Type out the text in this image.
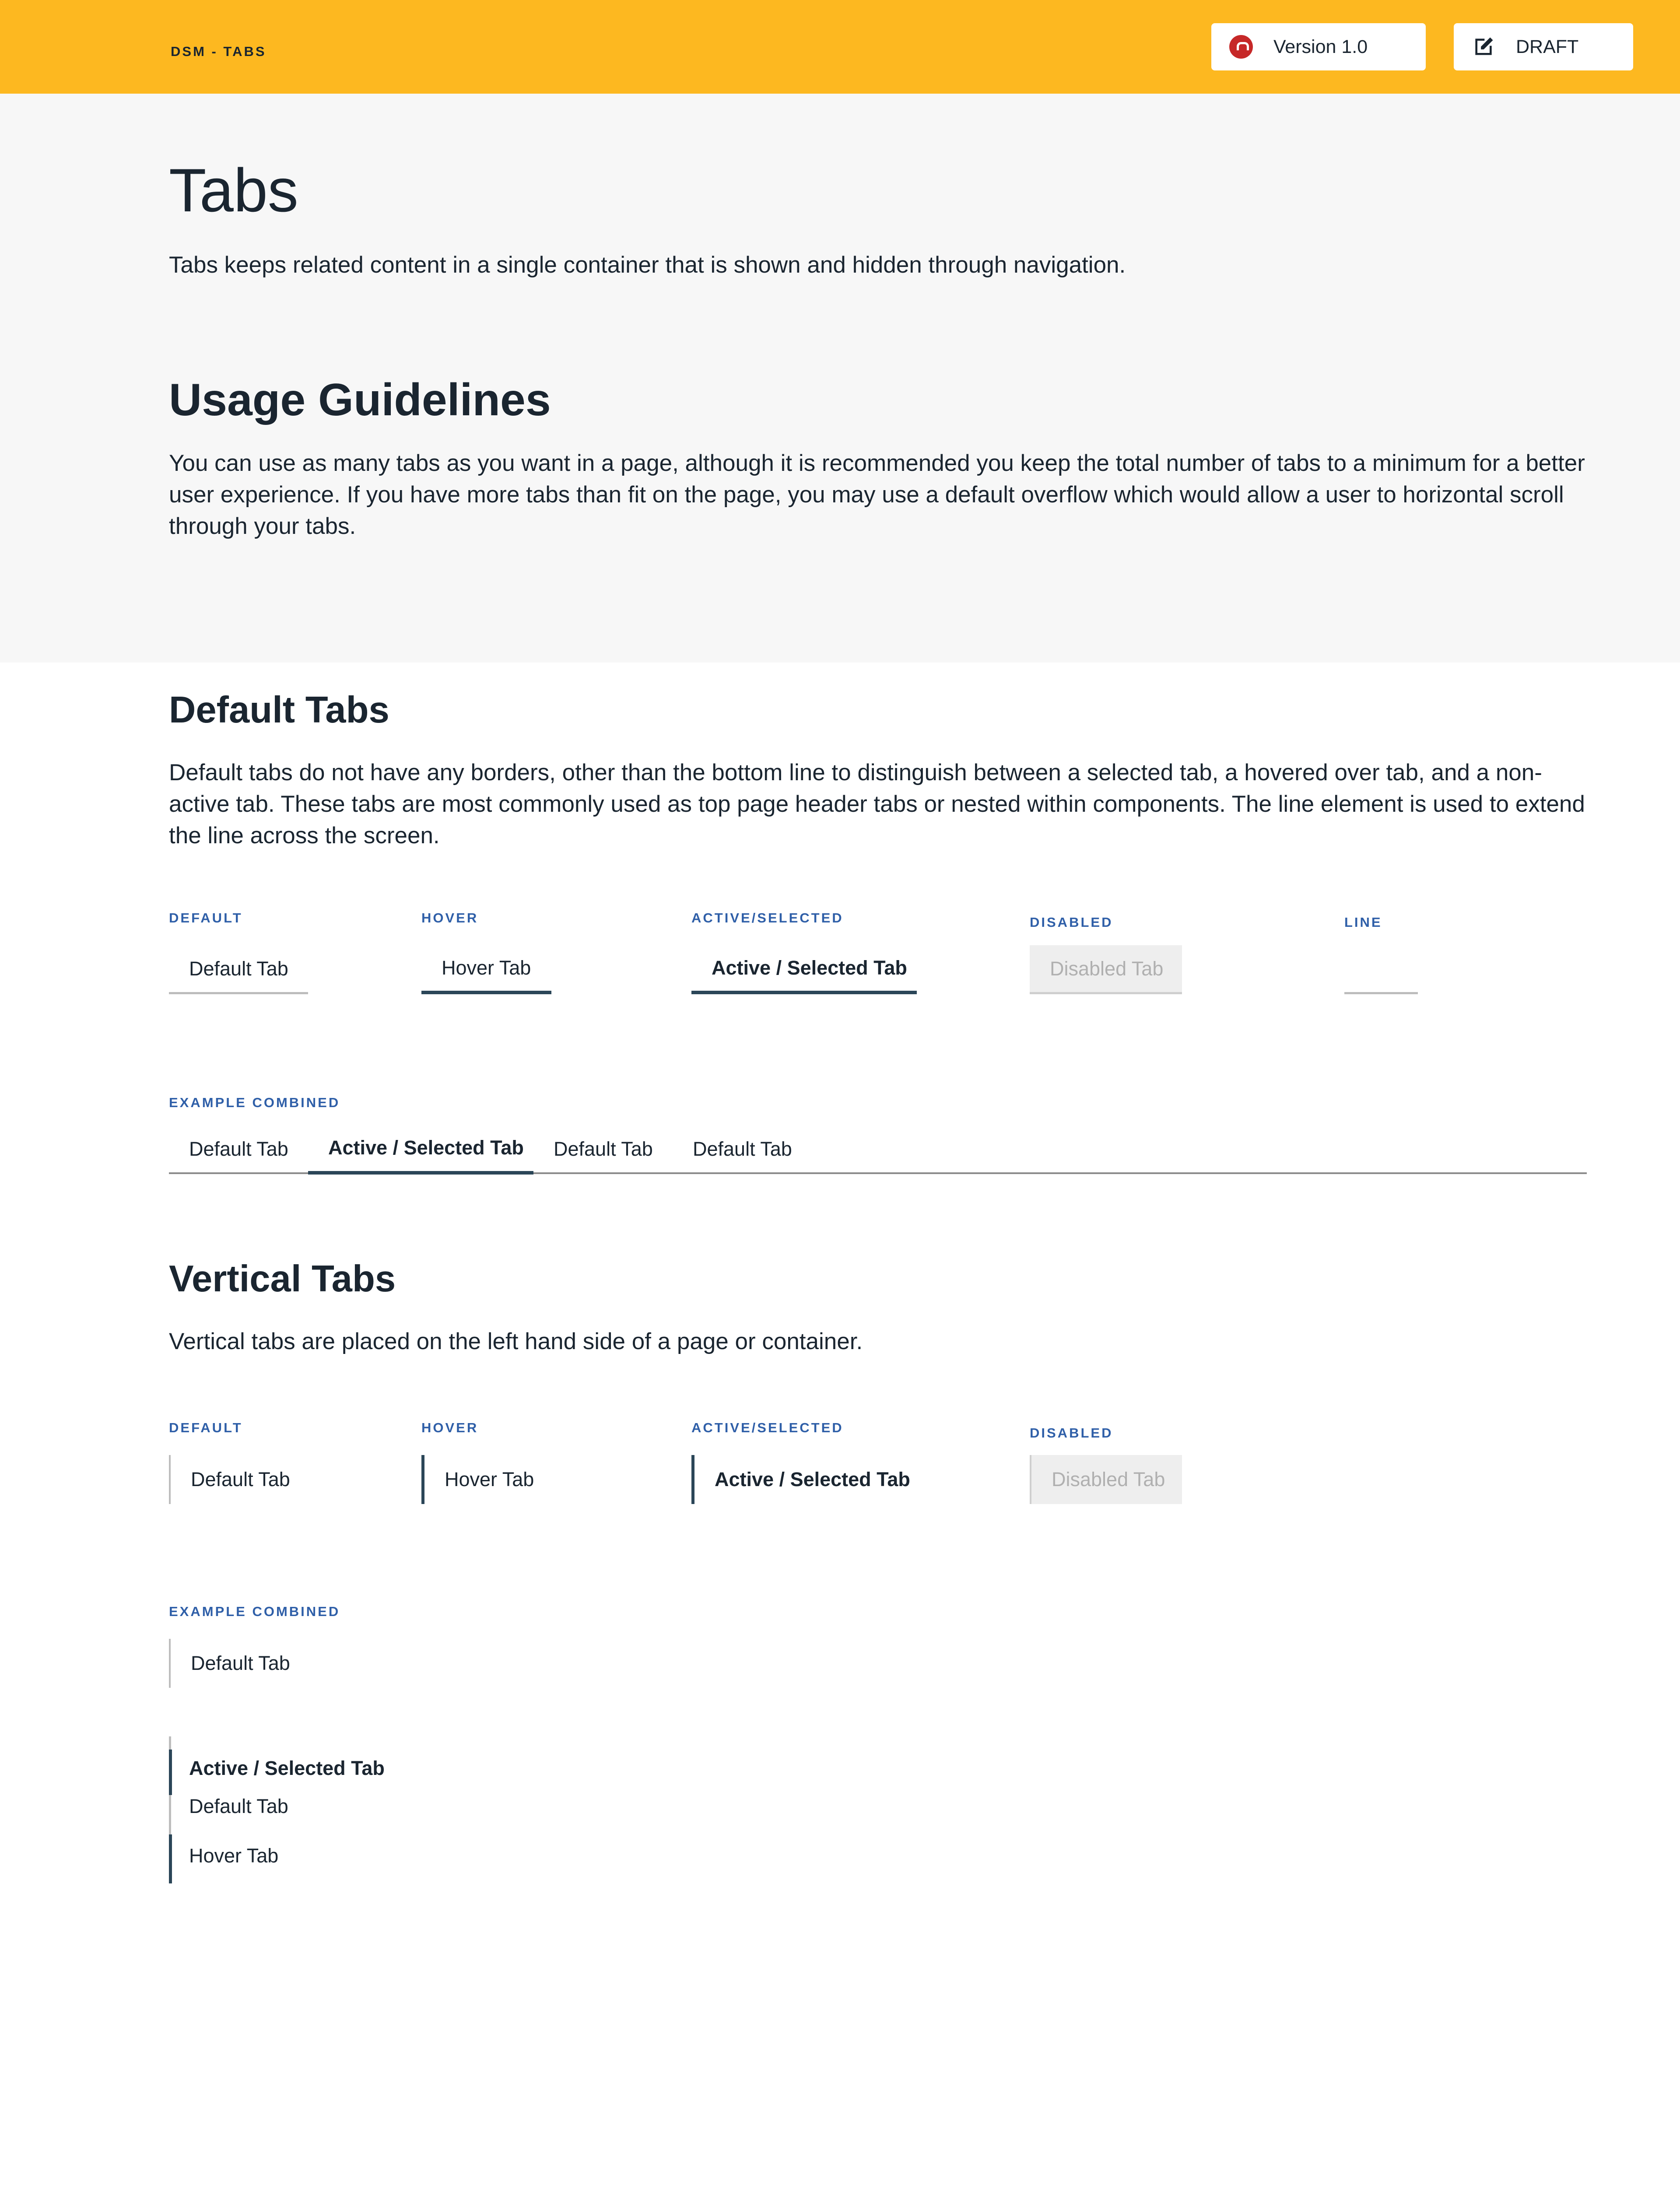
DSM - TABS	Version 1.0	DRAFT
Tabs

Tabs keeps related content in a single container that is shown and hidden through navigation.

Usage Guidelines

You can use as many tabs as you want in a page, although it is recommended you keep the total number of tabs to a minimum for a better user experience. If you have more tabs than fit on the page, you may use a default overflow which would allow a user to horizontal scroll through your tabs.

Default Tabs

Default tabs do not have any borders, other than the bottom line to distinguish between a selected tab, a hovered over tab, and a non-active tab. These tabs are most commonly used as top page header tabs or nested within components. The line element is used to extend the line across the screen.

DEFAULT	HOVER	ACTIVE/SELECTED	DISABLED	LINE
Default Tab	Hover Tab	Active / Selected Tab	Disabled Tab
EXAMPLE COMBINED
Default Tab Active / Selected Tab Default Tab Default Tab
Vertical Tabs

Vertical tabs are placed on the left hand side of a page or container.

DEFAULT	HOVER	ACTIVE/SELECTED	DISABLED
Default Tab	Hover Tab	Active / Selected Tab	Disabled Tab
EXAMPLE COMBINED
Default Tab
Active / Selected Tab
Default Tab
Hover Tab
